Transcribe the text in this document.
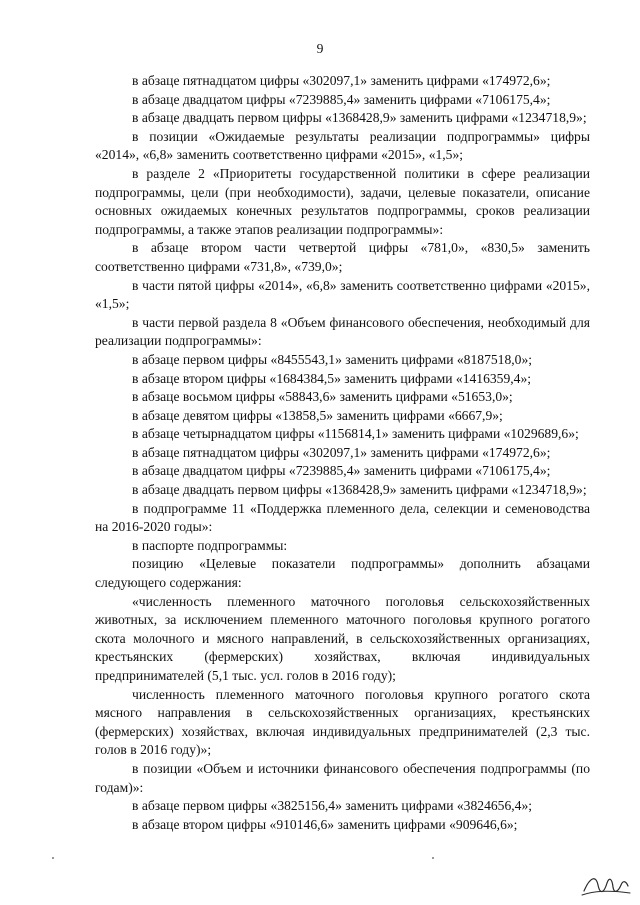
9

в абзаце пятнадцатом цифры «302097,1» заменить цифрами «174972,6»;

в абзаце двадцатом цифры «7239885,4» заменить цифрами «7106175,4»;

в абзаце двадцать первом цифры «1368428,9» заменить цифрами «1234718,9»;

в позиции «Ожидаемые результаты реализации подпрограммы» цифры «2014», «6,8» заменить соответственно цифрами «2015», «1,5»;

в разделе 2 «Приоритеты государственной политики в сфере реализации подпрограммы, цели (при необходимости), задачи, целевые показатели, описание основных ожидаемых конечных результатов подпрограммы, сроков реализации подпрограммы, а также этапов реализации подпрограммы»:

в абзаце втором части четвертой цифры «781,0», «830,5» заменить соответственно цифрами «731,8», «739,0»;

в части пятой цифры «2014», «6,8» заменить соответственно цифрами «2015», «1,5»;

в части первой раздела 8 «Объем финансового обеспечения, необходимый для реализации подпрограммы»:

в абзаце первом цифры «8455543,1» заменить цифрами «8187518,0»;

в абзаце втором цифры «1684384,5» заменить цифрами «1416359,4»;

в абзаце восьмом цифры «58843,6» заменить цифрами «51653,0»;

в абзаце девятом цифры «13858,5» заменить цифрами «6667,9»;

в абзаце четырнадцатом цифры «1156814,1» заменить цифрами «1029689,6»;

в абзаце пятнадцатом цифры «302097,1» заменить цифрами «174972,6»;

в абзаце двадцатом цифры «7239885,4» заменить цифрами «7106175,4»;

в абзаце двадцать первом цифры «1368428,9» заменить цифрами «1234718,9»;

в подпрограмме 11 «Поддержка племенного дела, селекции и семеноводства на 2016-2020 годы»:

в паспорте подпрограммы:

позицию «Целевые показатели подпрограммы» дополнить абзацами следующего содержания:

«численность племенного маточного поголовья сельскохозяйственных животных, за исключением племенного маточного поголовья крупного рогатого скота молочного и мясного направлений, в сельскохозяйственных организациях, крестьянских (фермерских) хозяйствах, включая индивидуальных предпринимателей (5,1 тыс. усл. голов в 2016 году);

численность племенного маточного поголовья крупного рогатого скота мясного направления в сельскохозяйственных организациях, крестьянских (фермерских) хозяйствах, включая индивидуальных предпринимателей (2,3 тыс. голов в 2016 году)»;

в позиции «Объем и источники финансового обеспечения подпрограммы (по годам)»:

в абзаце первом цифры «3825156,4» заменить цифрами «3824656,4»;

в абзаце втором цифры «910146,6» заменить цифрами «909646,6»;
